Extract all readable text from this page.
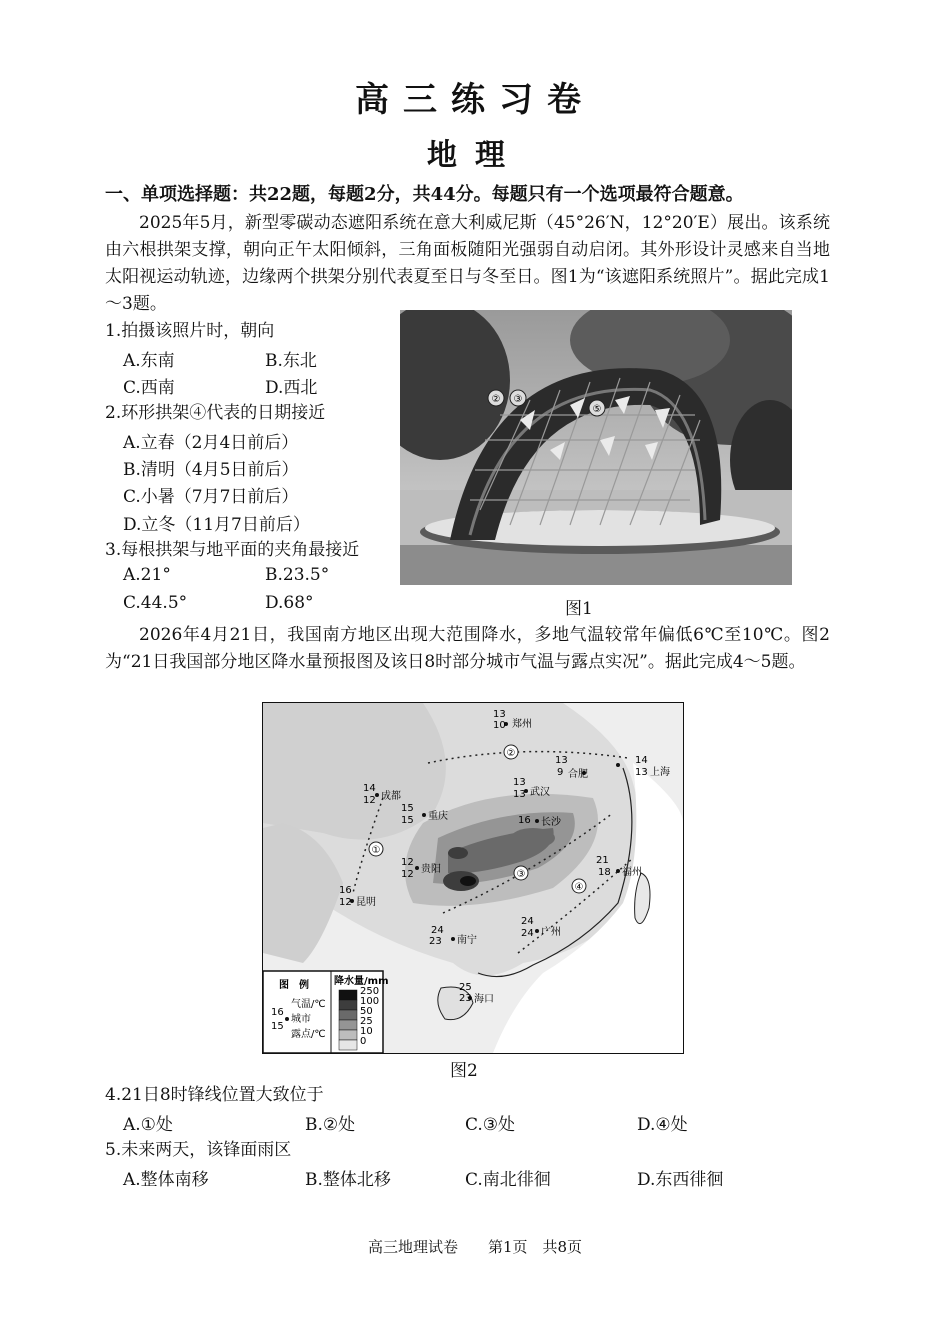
高三练习卷
地理
一、单项选择题：共22题，每题2分，共44分。每题只有一个选项最符合题意。
2025年5月，新型零碳动态遮阳系统在意大利威尼斯（45°26′N，12°20′E）展出。该系统由六根拱架支撑，朝向正午太阳倾斜，三角面板随阳光强弱自动启闭。其外形设计灵感来自当地太阳视运动轨迹，边缘两个拱架分别代表夏至日与冬至日。图1为“该遮阳系统照片”。据此完成1～3题。
1.拍摄该照片时，朝向
A.东南	B.东北
C.西南	D.西北
2.环形拱架④代表的日期接近
A.立春（2月4日前后）
B.清明（4月5日前后）
C.小暑（7月7日前后）
D.立冬（11月7日前后）
3.每根拱架与地平面的夹角最接近
A.21°	B.23.5°
C.44.5°	D.68°
② ③
⑤
图1
2026年4月21日，我国南方地区出现大范围降水，多地气温较常年偏低6℃至10℃。图2为“21日我国部分地区降水量预报图及该日8时部分城市气温与露点实况”。据此完成4～5题。
①
②
③
④
郑州
合肥	上海
武汉
成都
重庆
长沙
贵阳
昆明
福州
广州
南宁
海口
13
10
13
9
14
13
13
13
14
12
15
15	16
12
12
16
12
21
18
24
24
24
23
25
23
图　例
16
15
气温/℃
城市
露点/℃
降水量/mm
250
100
50
25
10
0
图2
4.21日8时锋线位置大致位于
A.①处	B.②处	C.③处	D.④处
5.未来两天，该锋面雨区
A.整体南移	B.整体北移	C.南北徘徊	D.东西徘徊
高三地理试卷　　第1页　共8页
